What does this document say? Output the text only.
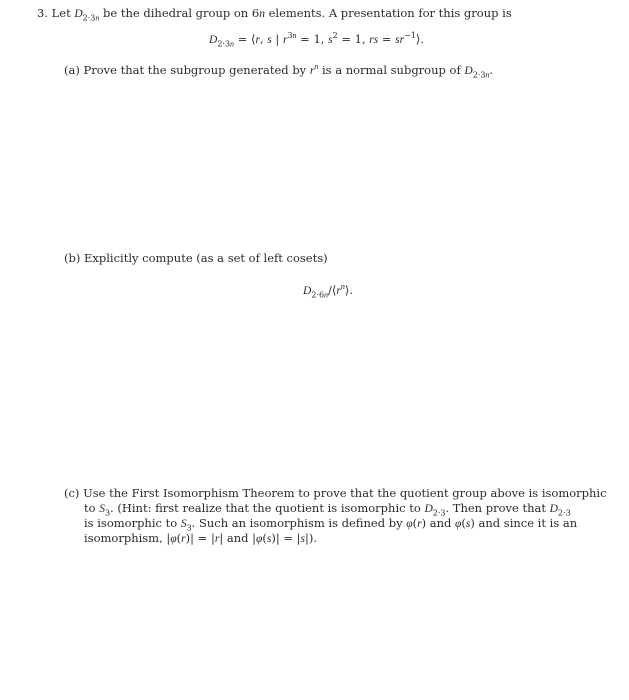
3. Let $D_{2\cdot 3n}$ be the dihedral group on 6n elements. A presentation for this group is
$D_{2\cdot 3n}$ = ⟨r, s | $r^{3n} = 1$, $s^2 = 1$, rs = $sr^{-1}⟩$.
(a) Prove that the subgroup generated by $r^n$ is a normal subgroup of $D_{2\cdot 3n}$.
(b) Explicitly compute (as a set of left cosets)
$D_{2\cdot 6n}/⟨r^n⟩$.
(c) Use the First Isomorphism Theorem to prove that the quotient group above is isomorphic
to $S_3$. (Hint: first realize that the quotient is isomorphic to $D_{2\cdot 3}$. Then prove that $D_{2\cdot 3}$
is isomorphic to $S_3$. Such an isomorphism is defined by φ(r) and φ(s) and since it is an
isomorphism, |φ(r)| = |r| and |φ(s)| = |s|).
